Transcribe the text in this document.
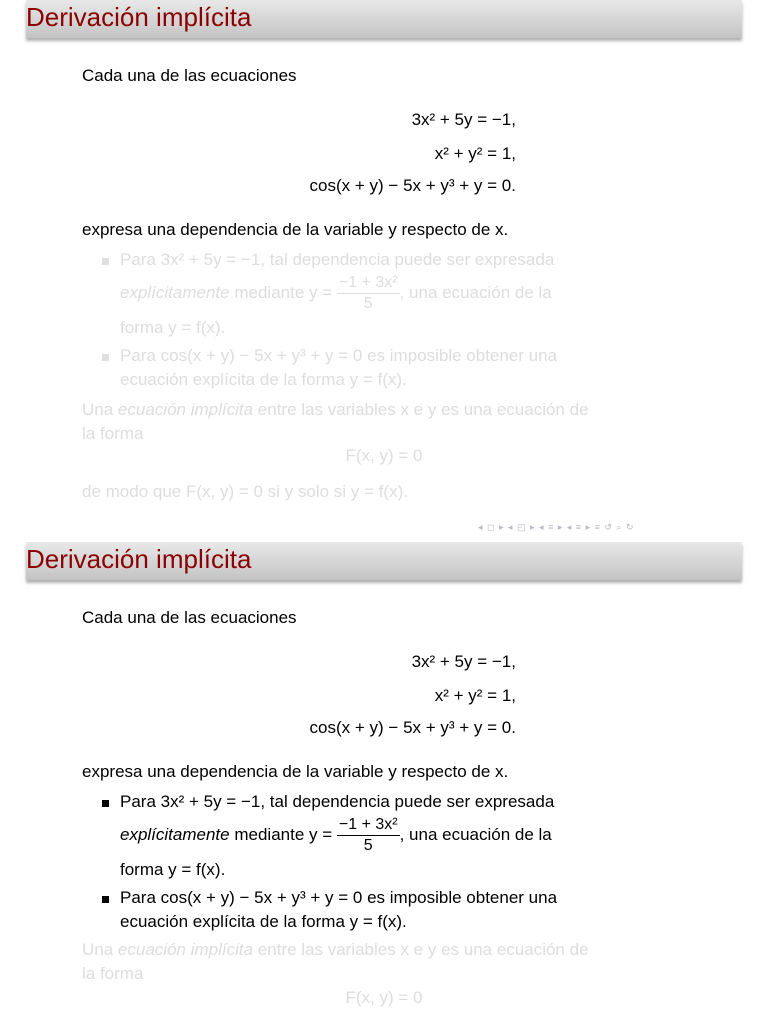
Derivación implícita
Cada una de las ecuaciones
3x² + 5y = −1,
x² + y² = 1,
cos(x + y) − 5x + y³ + y = 0.
expresa una dependencia de la variable y respecto de x.
Para 3x² + 5y = −1, tal dependencia puede ser expresada
explícitamente mediante $y = \frac{\text{−1 + 3x²}}{5}$ , una ecuación de la
forma y = f(x).
Para cos(x + y) − 5x + y³ + y = 0 es imposible obtener una
ecuación explícita de la forma y = f(x).
Una ecuación implícita entre las variables x e y es una ecuación de
la forma
F(x, y) = 0
de modo que F(x, y) = 0 si y solo si y = f(x).
◂ ◻ ▸ ◂ ◰ ▸ ◂ ≡ ▸ ◂ ≡ ▸ ≡ ↺ ⌕ ↻
Derivación implícita
Cada una de las ecuaciones
3x² + 5y = −1,
x² + y² = 1,
cos(x + y) − 5x + y³ + y = 0.
expresa una dependencia de la variable y respecto de x.
Para 3x² + 5y = −1, tal dependencia puede ser expresada
explícitamente mediante $y = \frac{\text{−1 + 3x²}}{5}$ , una ecuación de la
forma y = f(x).
Para cos(x + y) − 5x + y³ + y = 0 es imposible obtener una
ecuación explícita de la forma y = f(x).
Una ecuación implícita entre las variables x e y es una ecuación de
la forma
F(x, y) = 0
